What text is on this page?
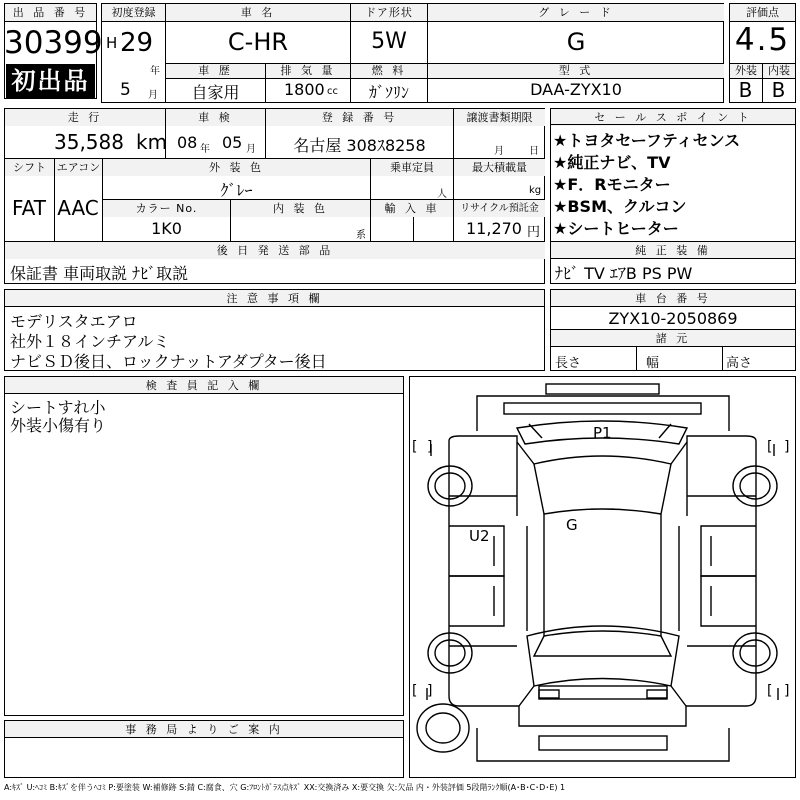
出 品 番 号
30399
初出品
初度登録
H 29
年
5 月
車 名
C-HR
ドア形状
5W
グ レ ー ド
G
車 歴
自家用
排 気 量
1800 cc
燃 料
ｶﾞｿﾘﾝ
型 式
DAA-ZYX10
評価点
4.5
外装	内装
B B
走 行
35,588 km
車 検
08 年 05 月
登 録 番 号
名古屋 308ｽ8258
譲渡書類期限
月	日
シフト
FAT
エアコン
AAC
外 装 色
ｸﾞﾚｰ
乗車定員
人
最大積載量
kg
カラー No.
1K0
内 装 色
系
輸 入 車	リサイクル預託金
11,270 円
後 日 発 送 部 品
保証書 車両取説 ﾅﾋﾞ取説
セ ー ル ス ポ イ ン ト
★トヨタセーフティセンス
★純正ナビ、TV
★F．Rモニター
★BSM、クルコン
★シートヒーター
純 正 装 備
ﾅﾋﾞ TV ｴｱB PS PW
注 意 事 項 欄
モデリスタエアロ
社外１８インチアルミ
ナビＳＤ後日、ロックナットアダプター後日
車 台 番 号
ZYX10-2050869
諸 元
長さ	幅	高さ
検 査 員 記 入 欄
シートすれ小
外装小傷有り
事 務 局 よ り ご 案 内
P1
G
U2
[ ]	[ ]
[ ]	[ ]
A:ｷｽﾞ U:ﾍｺﾐ B:ｷｽﾞを伴うﾍｺﾐ P:要塗装 W:補修跡 S:錆 C:腐食、穴 G:ﾌﾛﾝﾄｶﾞﾗｽ点ｷｽﾞ XX:交換済み X:要交換 欠:欠品 内・外装評価 5段階ﾗﾝｸ順(A･B･C･D･E) 1
